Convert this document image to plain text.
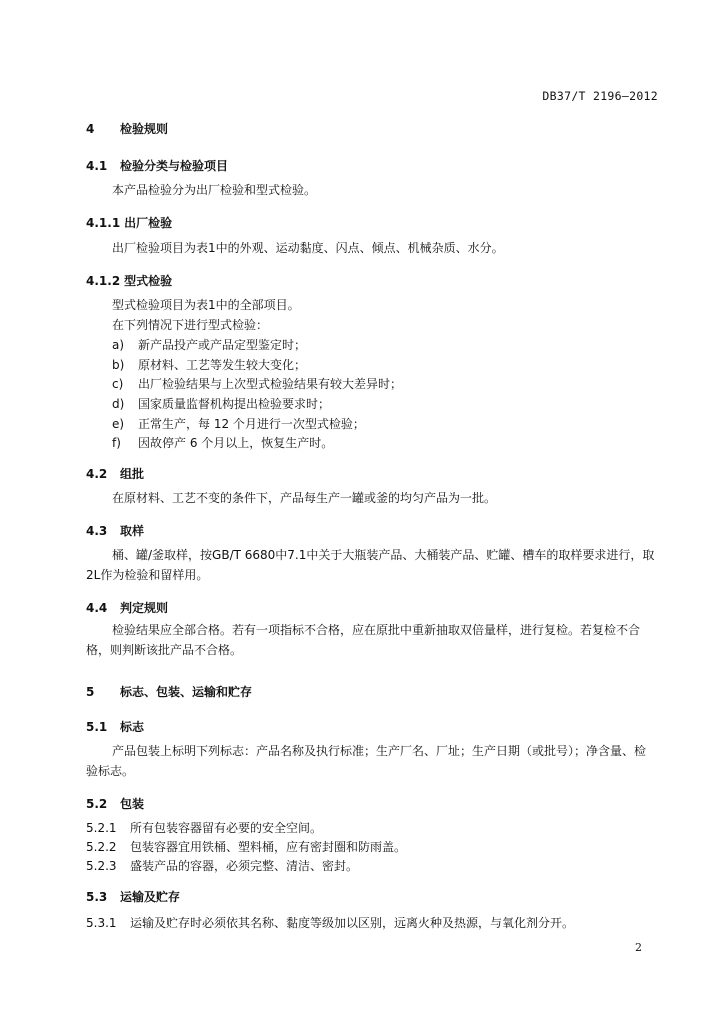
DB37/T 2196—2012
4 检验规则
4.1 检验分类与检验项目
本产品检验分为出厂检验和型式检验。
4.1.1 出厂检验
出厂检验项目为表1中的外观、运动黏度、闪点、倾点、机械杂质、水分。
4.1.2 型式检验
型式检验项目为表1中的全部项目。
在下列情况下进行型式检验：
a) 新产品投产或产品定型鉴定时；
b) 原材料、工艺等发生较大变化；
c) 出厂检验结果与上次型式检验结果有较大差异时；
d) 国家质量监督机构提出检验要求时；
e) 正常生产，每 12 个月进行一次型式检验；
f) 因故停产 6 个月以上，恢复生产时。
4.2 组批
在原材料、工艺不变的条件下，产品每生产一罐或釜的均匀产品为一批。
4.3 取样
桶、罐/釜取样，按GB/T 6680中7.1中关于大瓶装产品、大桶装产品、贮罐、槽车的取样要求进行，取2L作为检验和留样用。
4.4 判定规则
检验结果应全部合格。若有一项指标不合格，应在原批中重新抽取双倍量样，进行复检。若复检不合格，则判断该批产品不合格。
5 标志、包装、运输和贮存
5.1 标志
产品包装上标明下列标志：产品名称及执行标准；生产厂名、厂址；生产日期（或批号）；净含量、检验标志。
5.2 包装
5.2.1 所有包装容器留有必要的安全空间。
5.2.2 包装容器宜用铁桶、塑料桶，应有密封圈和防雨盖。
5.2.3 盛装产品的容器，必须完整、清洁、密封。
5.3 运输及贮存
5.3.1 运输及贮存时必须依其名称、黏度等级加以区别，远离火种及热源，与氧化剂分开。
2
